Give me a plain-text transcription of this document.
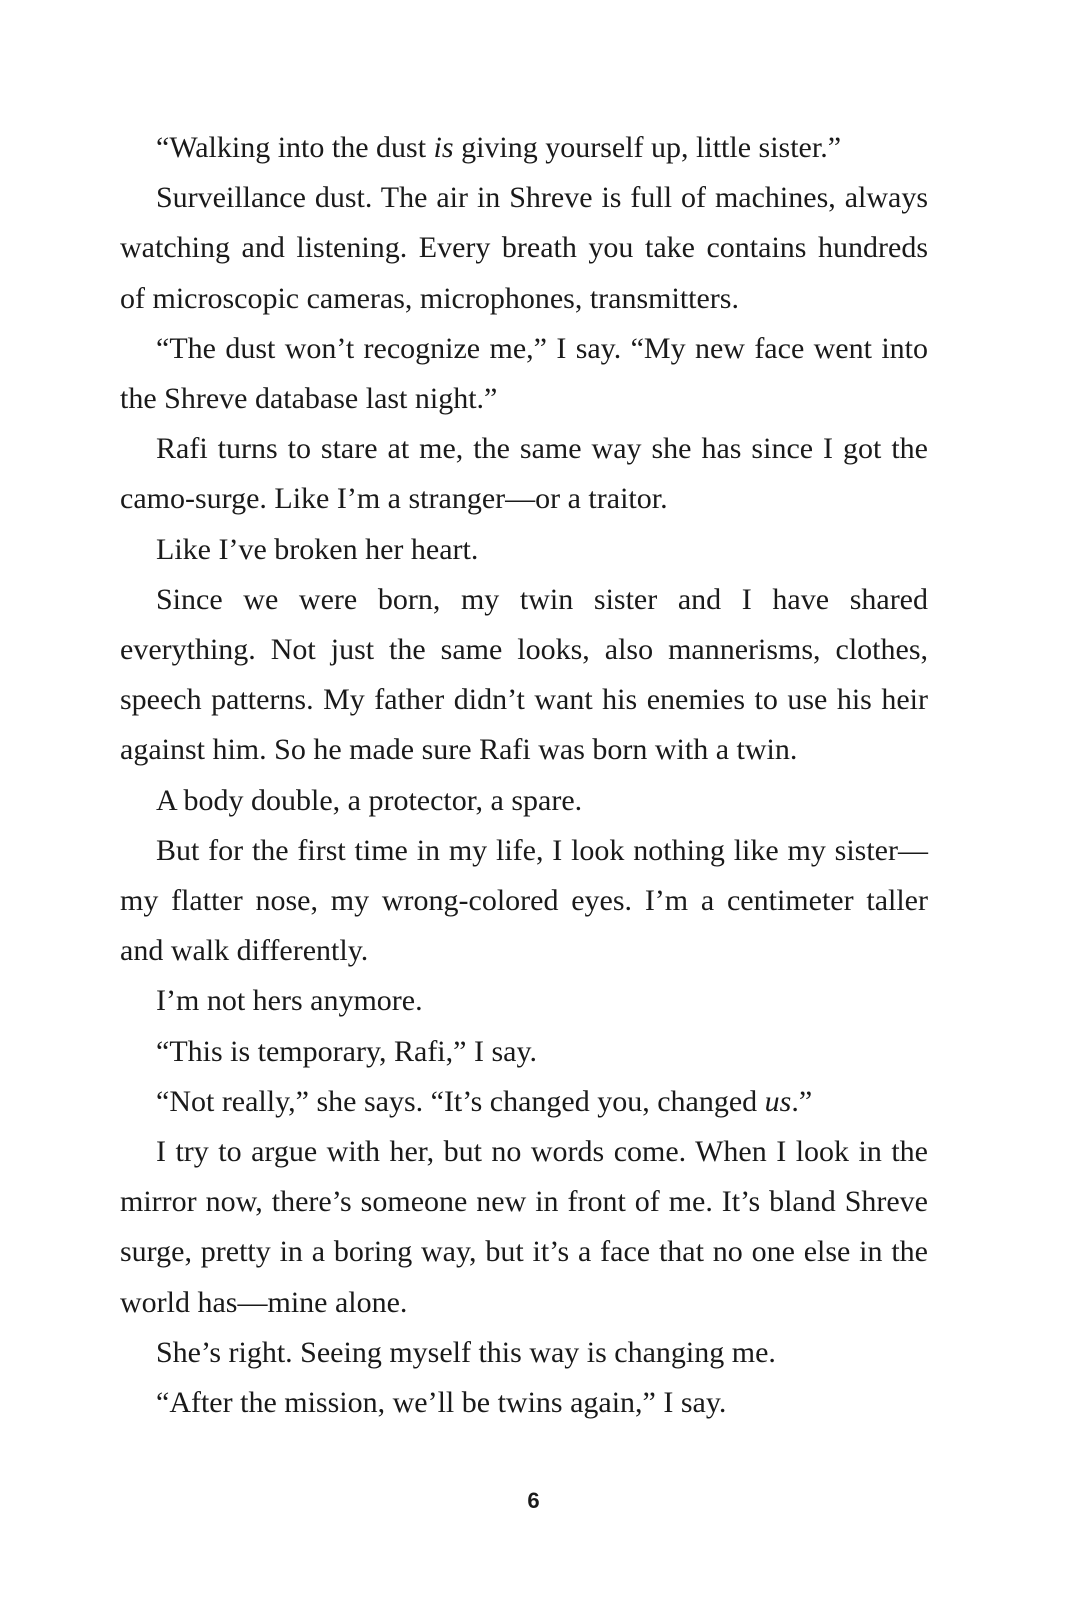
“Walking into the dust is giving yourself up, little sister.”

Surveillance dust. The air in Shreve is full of machines, always watching and listening. Every breath you take contains hundreds of microscopic cameras, microphones, transmitters.

“The dust won’t recognize me,” I say. “My new face went into the Shreve database last night.”

Rafi turns to stare at me, the same way she has since I got the camo-surge. Like I’m a stranger—or a traitor.

Like I’ve broken her heart.

Since we were born, my twin sister and I have shared everything. Not just the same looks, also mannerisms, clothes, speech patterns. My father didn’t want his enemies to use his heir against him. So he made sure Rafi was born with a twin.

A body double, a protector, a spare.

But for the first time in my life, I look nothing like my sister—my flatter nose, my wrong-colored eyes. I’m a centimeter taller and walk differently.

I’m not hers anymore.

“This is temporary, Rafi,” I say.

“Not really,” she says. “It’s changed you, changed us.”

I try to argue with her, but no words come. When I look in the mirror now, there’s someone new in front of me. It’s bland Shreve surge, pretty in a boring way, but it’s a face that no one else in the world has—mine alone.

She’s right. Seeing myself this way is changing me.

“After the mission, we’ll be twins again,” I say.

6
